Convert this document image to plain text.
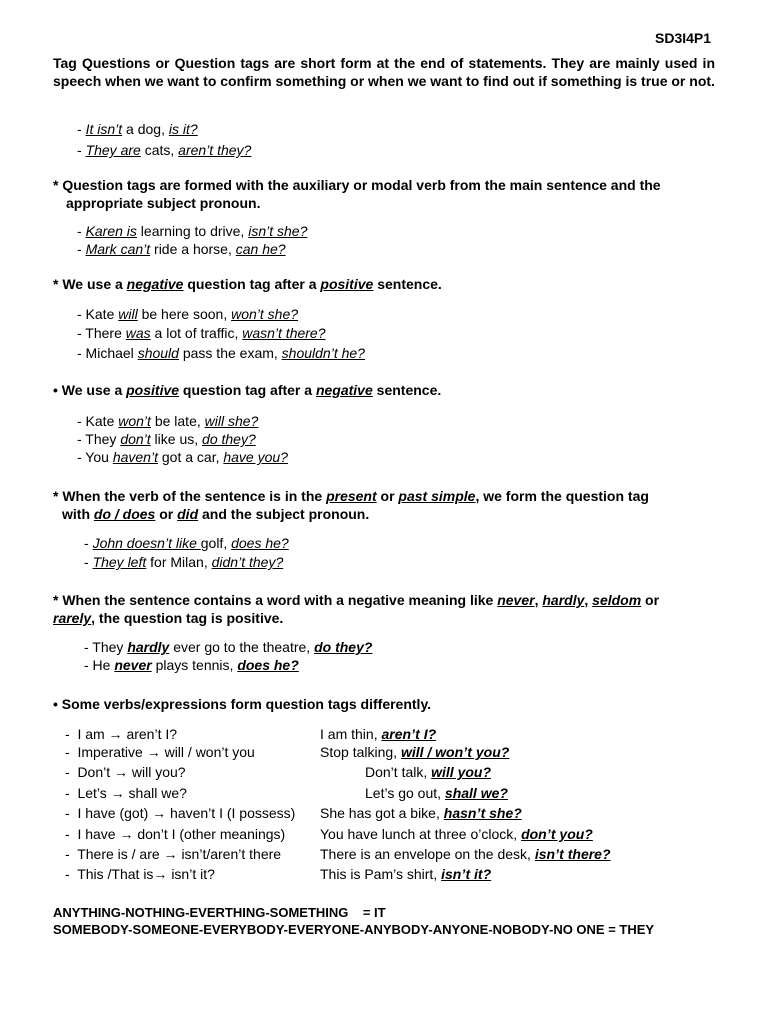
SD3I4P1
Tag Questions or Question tags are short form at the end of statements. They are mainly used in speech when we want to confirm something or when we want to find out if something is true or not.
- It isn’t a dog, is it?
- They are cats, aren’t they?
* Question tags are formed with the auxiliary or modal verb from the main sentence and the
appropriate subject pronoun.
- Karen is learning to drive, isn’t she?
- Mark can’t ride a horse, can he?
* We use a negative question tag after a positive sentence.
- Kate will be here soon, won’t she?
- There was a lot of traffic, wasn’t there?
- Michael should pass the exam, shouldn’t he?
• We use a positive question tag after a negative sentence.
- Kate won’t be late, will she?
- They don’t like us, do they?
- You haven’t got a car, have you?
* When the verb of the sentence is in the present or past simple, we form the question tag
with do / does or did and the subject pronoun.
- John doesn’t like golf, does he?
- They left for Milan, didn’t they?
* When the sentence contains a word with a negative meaning like never, hardly, seldom or
rarely, the question tag is positive.
- They hardly ever go to the theatre, do they?
- He never plays tennis, does he?
• Some verbs/expressions form question tags differently.
-  I am → aren’t I?	I am thin, aren’t I?
-  Imperative → will / won’t you	Stop talking, will / won’t you?
-  Don’t → will you?	Don’t talk, will you?
-  Let’s → shall we?	Let’s go out, shall we?
-  I have (got) → haven’t I (I possess) She has got a bike, hasn’t she?
-  I have → don’t I (other meanings) You have lunch at three o’clock, don’t you?
-  There is / are → isn’t/aren’t there	There is an envelope on the desk, isn’t there?
-  This /That is→ isn’t it?	This is Pam’s shirt, isn’t it?
ANYTHING-NOTHING-EVERTHING-SOMETHING    = IT
SOMEBODY-SOMEONE-EVERYBODY-EVERYONE-ANYBODY-ANYONE-NOBODY-NO ONE = THEY
